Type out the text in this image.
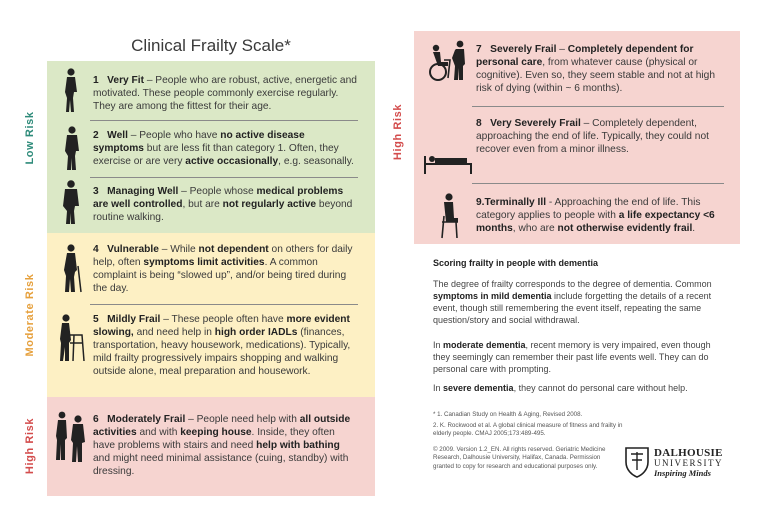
Clinical Frailty Scale*
Low Risk
Moderate Risk
High Risk
High Risk
1 Very Fit – People who are robust, active, energetic and motivated. These people commonly exercise regularly. They are among the fittest for their age.
2 Well – People who have no active disease symptoms but are less fit than category 1. Often, they exercise or are very active occasionally, e.g. seasonally.
3 Managing Well – People whose medical problems are well controlled, but are not regularly active beyond routine walking.
4 Vulnerable – While not dependent on others for daily help, often symptoms limit activities. A common complaint is being “slowed up”, and/or being tired during the day.
5 Mildly Frail – These people often have more evident slowing, and need help in high order IADLs (finances, transportation, heavy housework, medications). Typically, mild frailty progressively impairs shopping and walking outside alone, meal preparation and housework.
6 Moderately Frail – People need help with all outside activities and with keeping house. Inside, they often have problems with stairs and need help with bathing and might need minimal assistance (cuing, standby) with dressing.
7 Severely Frail – Completely dependent for personal care, from whatever cause (physical or cognitive). Even so, they seem stable and not at high risk of dying (within ~ 6 months).
8 Very Severely Frail – Completely dependent, approaching the end of life. Typically, they could not recover even from a minor illness.
9.Terminally Ill - Approaching the end of life. This category applies to people with a life expectancy <6 months, who are not otherwise evidently frail.
Scoring frailty in people with dementia
The degree of frailty corresponds to the degree of dementia. Common symptoms in mild dementia include forgetting the details of a recent event, though still remembering the event itself, repeating the same question/story and social withdrawal.
In moderate dementia, recent memory is very impaired, even though they seemingly can remember their past life events well. They can do personal care with prompting.
In severe dementia, they cannot do personal care without help.
* 1. Canadian Study on Health & Aging, Revised 2008.
2. K. Rockwood et al. A global clinical measure of fitness and frailty in elderly people. CMAJ 2005;173:489-495.
© 2009. Version 1.2_EN. All rights reserved. Geriatric Medicine Research, Dalhousie University, Halifax, Canada. Permission granted to copy for research and educational purposes only.
DALHOUSIE
UNIVERSITY
Inspiring Minds
